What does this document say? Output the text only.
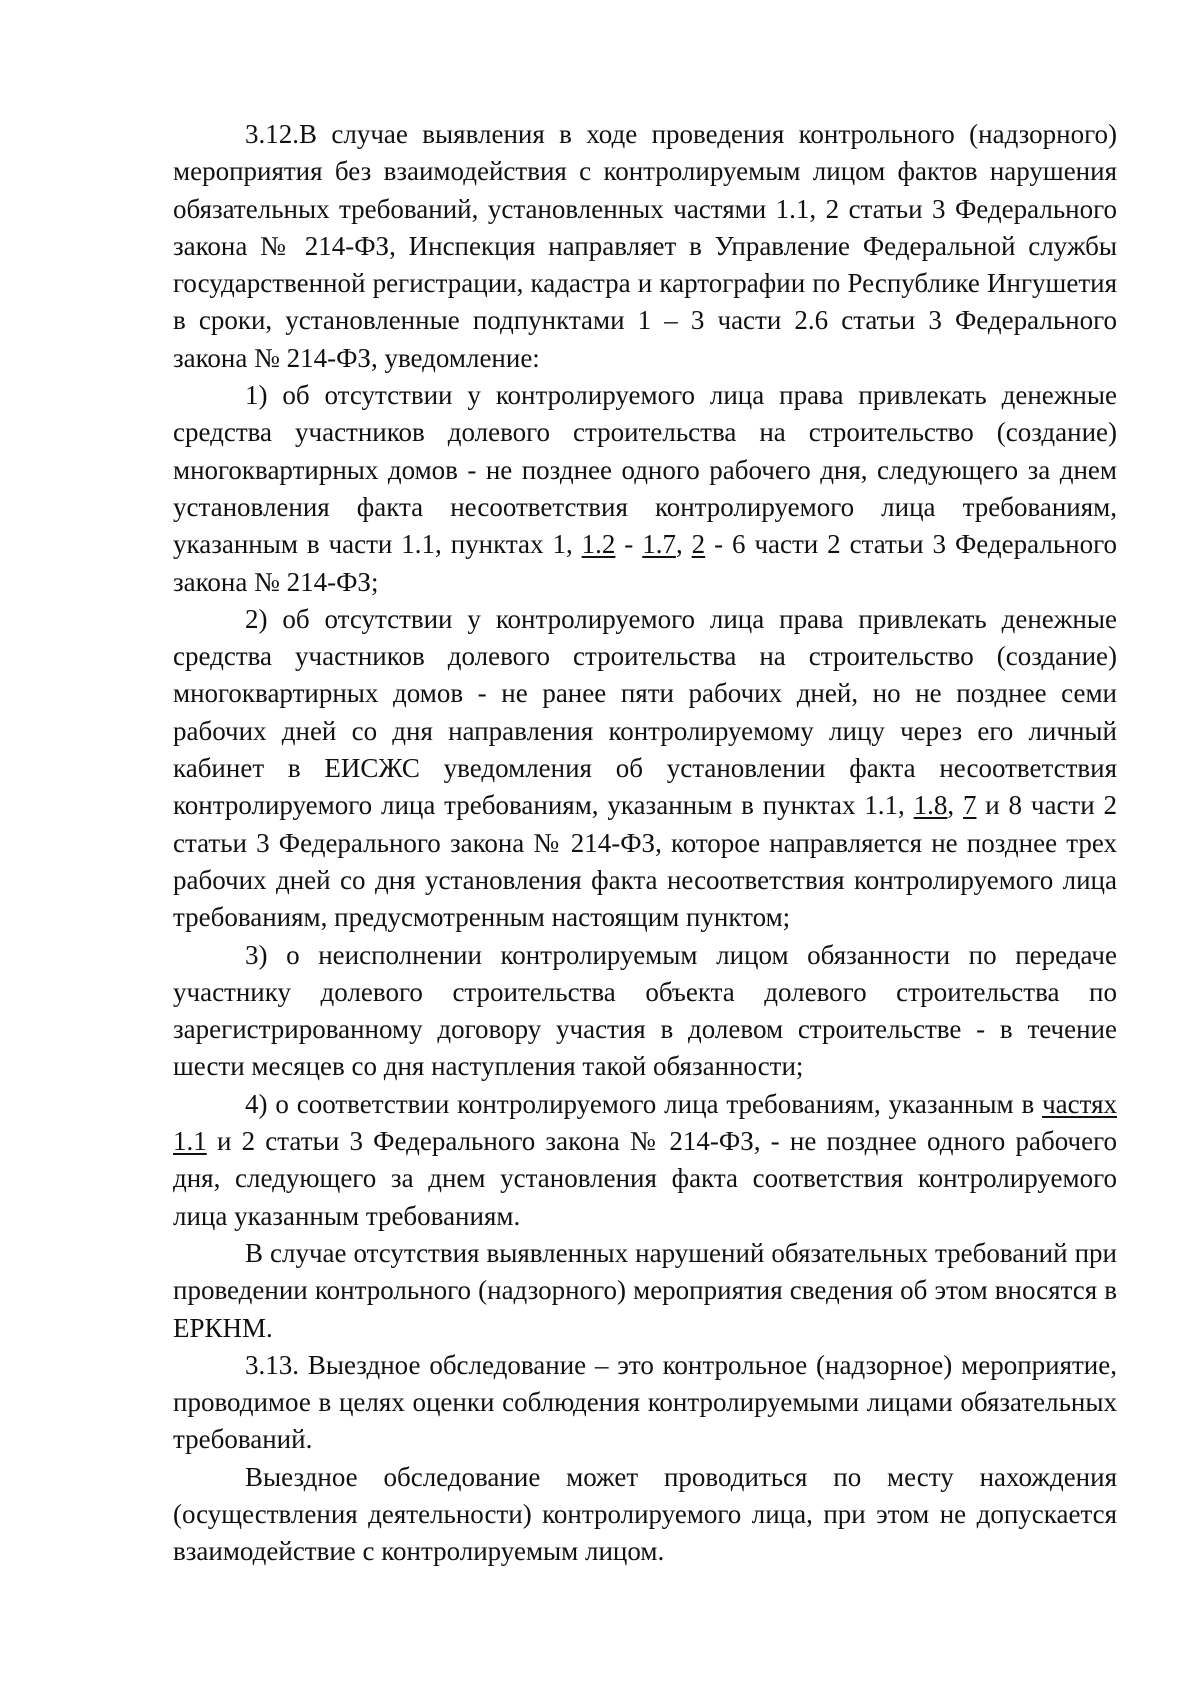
3.12.В случае выявления в ходе проведения контрольного (надзорного) мероприятия без взаимодействия с контролируемым лицом фактов нарушения обязательных требований, установленных частями 1.1, 2 статьи 3 Федерального закона № 214-ФЗ, Инспекция направляет в Управление Федеральной службы государственной регистрации, кадастра и картографии по Республике Ингушетия в сроки, установленные подпунктами 1 – 3 части 2.6 статьи 3 Федерального закона № 214-ФЗ, уведомление:

1) об отсутствии у контролируемого лица права привлекать денежные средства участников долевого строительства на строительство (создание) многоквартирных домов - не позднее одного рабочего дня, следующего за днем установления факта несоответствия контролируемого лица требованиям, указанным в части 1.1, пунктах 1, 1.2 - 1.7, 2 - 6 части 2 статьи 3 Федерального закона № 214-ФЗ;

2) об отсутствии у контролируемого лица права привлекать денежные средства участников долевого строительства на строительство (создание) многоквартирных домов - не ранее пяти рабочих дней, но не позднее семи рабочих дней со дня направления контролируемому лицу через его личный кабинет в ЕИСЖС уведомления об установлении факта несоответствия контролируемого лица требованиям, указанным в пунктах 1.1, 1.8, 7 и 8 части 2 статьи 3 Федерального закона № 214-ФЗ, которое направляется не позднее трех рабочих дней со дня установления факта несоответствия контролируемого лица требованиям, предусмотренным настоящим пунктом;

3) о неисполнении контролируемым лицом обязанности по передаче участнику долевого строительства объекта долевого строительства по зарегистрированному договору участия в долевом строительстве - в течение шести месяцев со дня наступления такой обязанности;

4) о соответствии контролируемого лица требованиям, указанным в частях 1.1 и 2 статьи 3 Федерального закона № 214-ФЗ, - не позднее одного рабочего дня, следующего за днем установления факта соответствия контролируемого лица указанным требованиям.

В случае отсутствия выявленных нарушений обязательных требований при проведении контрольного (надзорного) мероприятия сведения об этом вносятся в ЕРКНМ.

3.13. Выездное обследование – это контрольное (надзорное) мероприятие, проводимое в целях оценки соблюдения контролируемыми лицами обязательных требований.

Выездное обследование может проводиться по месту нахождения (осуществления деятельности) контролируемого лица, при этом не допускается взаимодействие с контролируемым лицом.
